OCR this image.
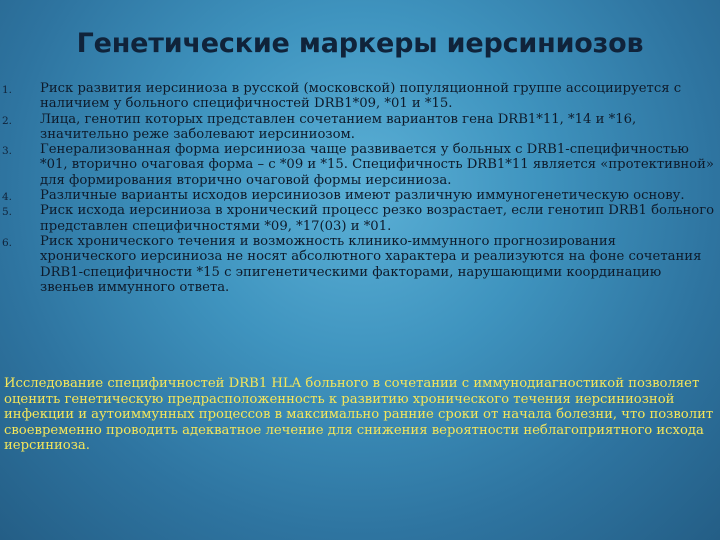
Генетические маркеры иерсиниозов
1. Риск развития иерсиниоза в русской (московской) популяционной группе ассоциируется с наличием у больного специфичностей DRB1*09, *01 и *15.
2. Лица, генотип которых представлен сочетанием вариантов гена DRB1*11, *14 и *16, значительно реже заболевают иерсиниозом.
3. Генерализованная форма иерсиниоза чаще развивается у больных с DRB1-специфичностью *01, вторично очаговая форма – с *09 и *15. Специфичность DRB1*11 является «протективной» для формирования вторично очаговой формы иерсиниоза.
4. Различные варианты исходов иерсиниозов имеют различную иммуногенетическую основу.
5. Риск исхода иерсиниоза в хронический процесс резко возрастает, если генотип DRB1 больного представлен специфичностями *09, *17(03) и *01.
6. Риск хронического течения и возможность клинико-иммунного прогнозирования хронического иерсиниоза не носят абсолютного характера и реализуются на фоне сочетания DRB1-специфичности *15 с эпигенетическими факторами, нарушающими координацию звеньев иммунного ответа.

Исследование специфичностей DRB1 HLA больного в сочетании с иммунодиагностикой позволяет оценить генетическую предрасположенность к развитию хронического течения иерсиниозной инфекции и аутоиммунных процессов в максимально ранние сроки от начала болезни, что позволит своевременно проводить адекватное лечение для снижения вероятности неблагоприятного исхода иерсиниоза.
